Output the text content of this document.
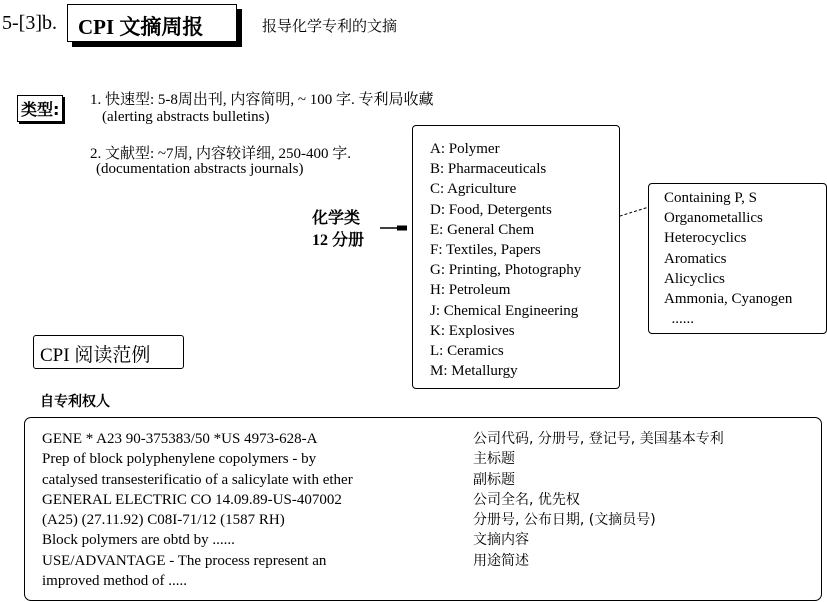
5-[3]b. CPI 文摘周报	报导化学专利的文摘
类型: 1. 快速型: 5-8周出刊, 内容简明, ~ 100 字. 专利局收藏
(alerting abstracts bulletins)
2. 文献型: ~7周, 内容较详细, 250-400 字.
(documentation abstracts journals)
化学类
12 分册
A: Polymer
B: Pharmaceuticals
C: Agriculture
D: Food, Detergents
E: General Chem
F: Textiles, Papers
G: Printing, Photography
H: Petroleum
J: Chemical Engineering
K: Explosives
L: Ceramics
M: Metallurgy
Containing P, S
Organometallics
Heterocyclics
Aromatics
Alicyclics
Ammonia, Cyanogen
......
CPI 阅读范例
自专利权人
GENE * A23 90-375383/50 *US 4973-628-A
Prep of block polyphenylene copolymers - by
catalysed transesterificatio of a salicylate with ether
GENERAL ELECTRIC CO 14.09.89-US-407002
(A25) (27.11.92) C08I-71/12 (1587 RH)
Block polymers are obtd by ......
USE/ADVANTAGE - The process represent an
improved method of .....
公司代码, 分册号, 登记号, 美国基本专利
主标题
副标题
公司全名, 优先权
分册号, 公布日期, (文摘员号)
文摘内容
用途简述
